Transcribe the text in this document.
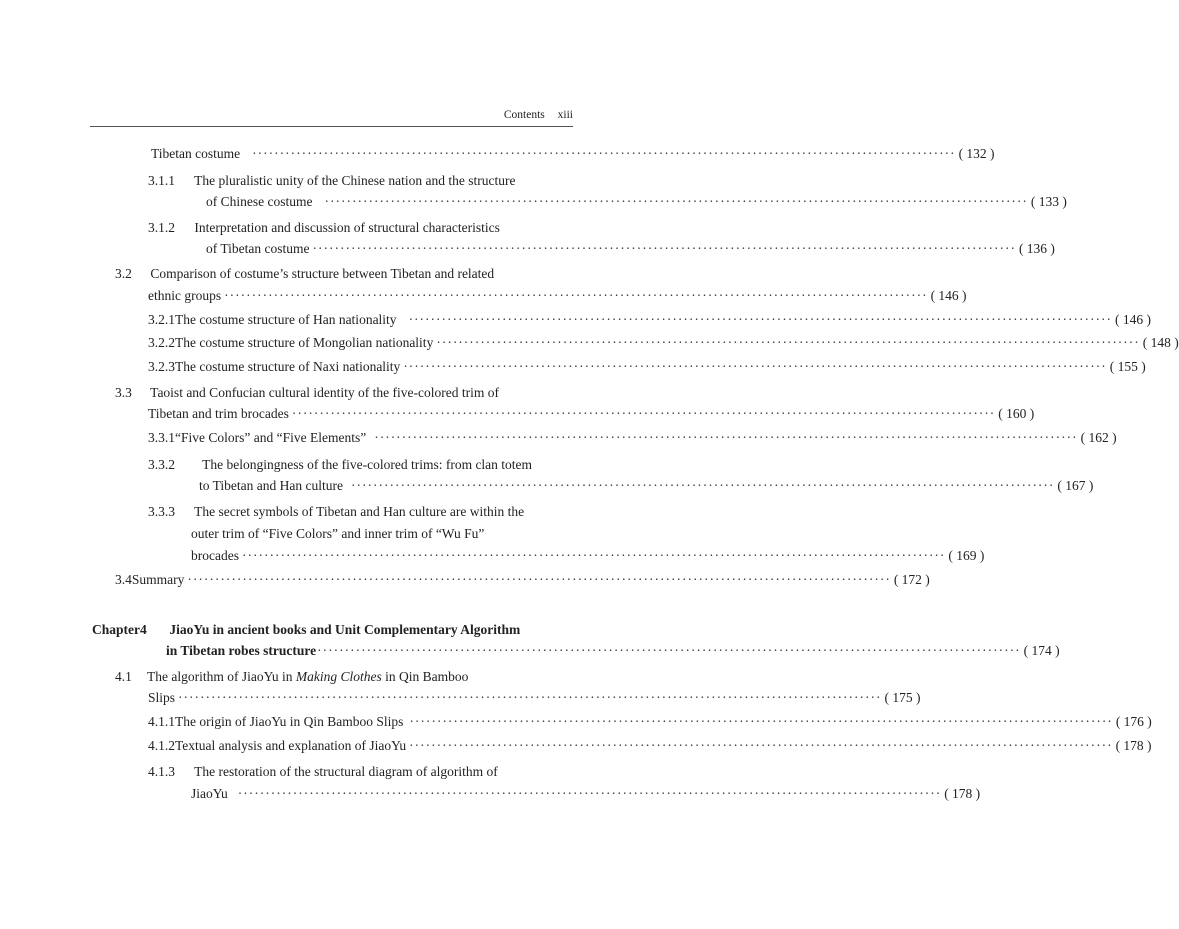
Contents xiii
Tibetan costume ································································································································ ( 132 )
3.1.1 The pluralistic unity of the Chinese nation and the structure
of Chinese costume ································································································································ ( 133 )
3.1.2 Interpretation and discussion of structural characteristics
of Tibetan costume ································································································································ ( 136 )
3.2 Comparison of costume’s structure between Tibetan and related
ethnic groups ································································································································ ( 146 )
3.2.1 The costume structure of Han nationality ································································································································ ( 146 )
3.2.2 The costume structure of Mongolian nationality ································································································································ ( 148 )
3.2.3 The costume structure of Naxi nationality ································································································································ ( 155 )
3.3 Taoist and Confucian cultural identity of the five-colored trim of
Tibetan and trim brocades ································································································································ ( 160 )
3.3.1 “Five Colors” and “Five Elements” ································································································································ ( 162 )
3.3.2 The belongingness of the five-colored trims: from clan totem
to Tibetan and Han culture ································································································································ ( 167 )
3.3.3 The secret symbols of Tibetan and Han culture are within the
outer trim of “Five Colors” and inner trim of “Wu Fu”
brocades ································································································································ ( 169 )
3.4 Summary ································································································································ ( 172 )
Chapter4 JiaoYu in ancient books and Unit Complementary Algorithm
in Tibetan robes structure ································································································································ ( 174 )
4.1 The algorithm of JiaoYu in Making Clothes in Qin Bamboo
Slips ································································································································ ( 175 )
4.1.1 The origin of JiaoYu in Qin Bamboo Slips ································································································································ ( 176 )
4.1.2 Textual analysis and explanation of JiaoYu ································································································································ ( 178 )
4.1.3 The restoration of the structural diagram of algorithm of
JiaoYu ································································································································ ( 178 )
